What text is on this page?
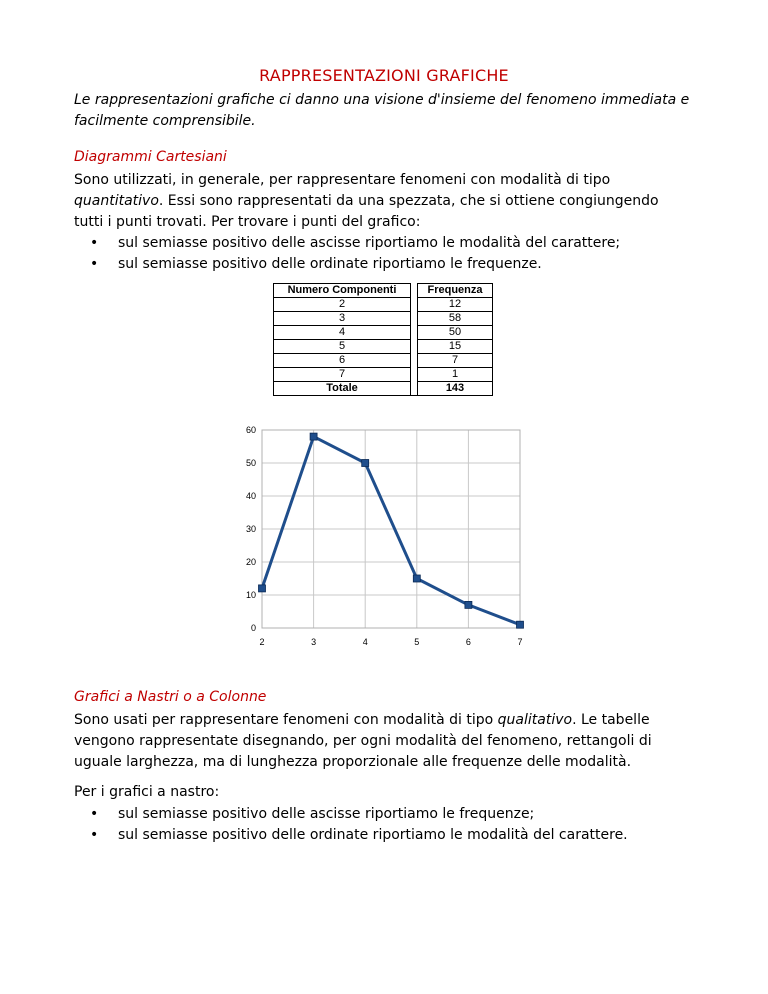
RAPPRESENTAZIONI GRAFICHE
Le rappresentazioni grafiche ci danno una visione d'insieme del fenomeno immediata e
facilmente comprensibile.
Diagrammi Cartesiani
Sono utilizzati, in generale, per rappresentare fenomeni con modalità di tipo
quantitativo. Essi sono rappresentati da una spezzata, che si ottiene congiungendo
tutti i punti trovati. Per trovare i punti del grafico:
• sul semiasse positivo delle ascisse riportiamo le modalità del carattere;
• sul semiasse positivo delle ordinate riportiamo le frequenze.
Numero Componenti		Frequenza
2		12
3		58
4		50
5		15
6		7
7		1
Totale		143
0
10
20
30
40
50
60
2	3	4	5	6	7
Grafici a Nastri o a Colonne
Sono usati per rappresentare fenomeni con modalità di tipo qualitativo. Le tabelle
vengono rappresentate disegnando, per ogni modalità del fenomeno, rettangoli di
uguale larghezza, ma di lunghezza proporzionale alle frequenze delle modalità.
Per i grafici a nastro:
• sul semiasse positivo delle ascisse riportiamo le frequenze;
• sul semiasse positivo delle ordinate riportiamo le modalità del carattere.
